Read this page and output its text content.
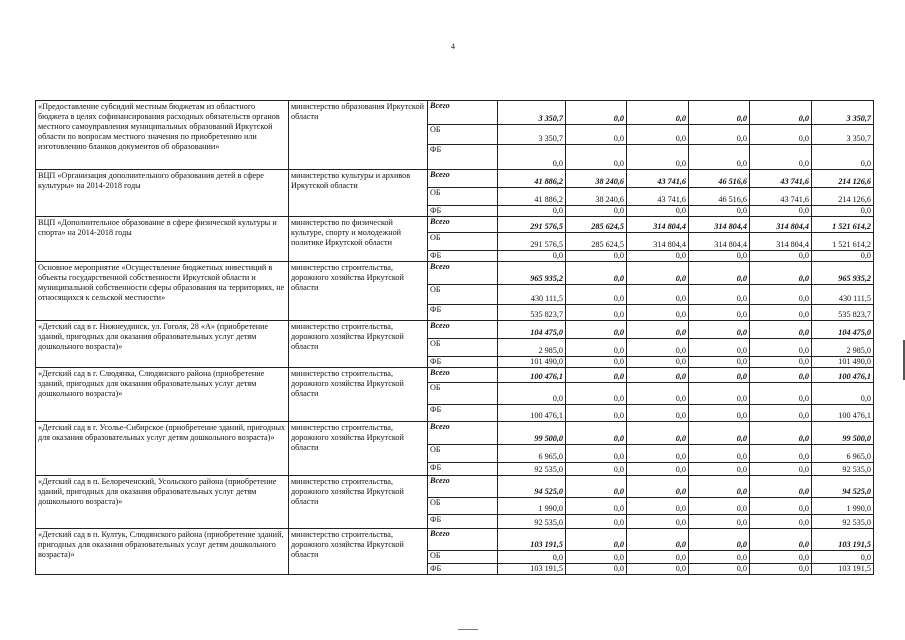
4
«Предоставление субсидий местным бюджетам из областного бюджета в целях софинансирования расходных обязательств органов местного самоуправления муниципальных образований Иркутской области по вопросам местного значения по приобретению или изготовлению бланков документов об образовании»	министерство образования Иркутской области	Всего	3 350,7	0,0	0,0	0,0	0,0	3 350,7
		ОБ	3 350,7	0,0	0,0	0,0	0,0	3 350,7
		ФБ	0,0	0,0	0,0	0,0	0,0	0,0
ВЦП «Организация дополнительного образования детей в сфере культуры» на 2014-2018 годы	министерство культуры и архивов Иркутской области	Всего	41 886,2	38 240,6	43 741,6	46 516,6	43 741,6	214 126,6
		ОБ	41 886,2	38 240,6	43 741,6	46 516,6	43 741,6	214 126,6
		ФБ	0,0	0,0	0,0	0,0	0,0	0,0
ВЦП «Дополнительное образование в сфере физической культуры и спорта» на 2014-2018 годы	министерство по физической культуре, спорту и молодежной политике Иркутской области	Всего	291 576,5	285 624,5	314 804,4	314 804,4	314 804,4	1 521 614,2
		ОБ	291 576,5	285 624,5	314 804,4	314 804,4	314 804,4	1 521 614,2
		ФБ	0,0	0,0	0,0	0,0	0,0	0,0
Основное мероприятие «Осуществление бюджетных инвестиций в объекты государственной собственности Иркутской области и муниципальной собственности сферы образования на территориях, не относящихся к сельской местности»	министерство строительства, дорожного хозяйства Иркутской области	Всего	965 935,2	0,0	0,0	0,0	0,0	965 935,2
		ОБ	430 111,5	0,0	0,0	0,0	0,0	430 111,5
		ФБ	535 823,7	0,0	0,0	0,0	0,0	535 823,7
«Детский сад в г. Нижнеудинск, ул. Гоголя, 28 «А» (приобретение зданий, пригодных для оказания образовательных услуг детям дошкольного возраста)»	министерство строительства, дорожного хозяйства Иркутской области	Всего	104 475,0	0,0	0,0	0,0	0,0	104 475,0
		ОБ	2 985,0	0,0	0,0	0,0	0,0	2 985,0
		ФБ	101 490,0	0,0	0,0	0,0	0,0	101 490,0
«Детский сад в г. Слюдянка, Слюдянского района (приобретение зданий, пригодных для оказания образовательных услуг детям дошкольного возраста)»	министерство строительства, дорожного хозяйства Иркутской области	Всего	100 476,1	0,0	0,0	0,0	0,0	100 476,1
		ОБ	0,0	0,0	0,0	0,0	0,0	0,0
		ФБ	100 476,1	0,0	0,0	0,0	0,0	100 476,1
«Детский сад в г. Усолье-Сибирское (приобретение зданий, пригодных для оказания образовательных услуг детям дошкольного возраста)»	министерство строительства, дорожного хозяйства Иркутской области	Всего	99 500,0	0,0	0,0	0,0	0,0	99 500,0
		ОБ	6 965,0	0,0	0,0	0,0	0,0	6 965,0
		ФБ	92 535,0	0,0	0,0	0,0	0,0	92 535,0
«Детский сад в п. Белореченский, Усольского района (приобретение зданий, пригодных для оказания образовательных услуг детям дошкольного возраста)»	министерство строительства, дорожного хозяйства Иркутской области	Всего	94 525,0	0,0	0,0	0,0	0,0	94 525,0
		ОБ	1 990,0	0,0	0,0	0,0	0,0	1 990,0
		ФБ	92 535,0	0,0	0,0	0,0	0,0	92 535,0
«Детский сад в п. Култук, Слюдянского района (приобретение зданий, пригодных для оказания образовательных услуг детям дошкольного возраста)»	министерство строительства, дорожного хозяйства Иркутской области	Всего	103 191,5	0,0	0,0	0,0	0,0	103 191,5
		ОБ	0,0	0,0	0,0	0,0	0,0	0,0
		ФБ	103 191,5	0,0	0,0	0,0	0,0	103 191,5
